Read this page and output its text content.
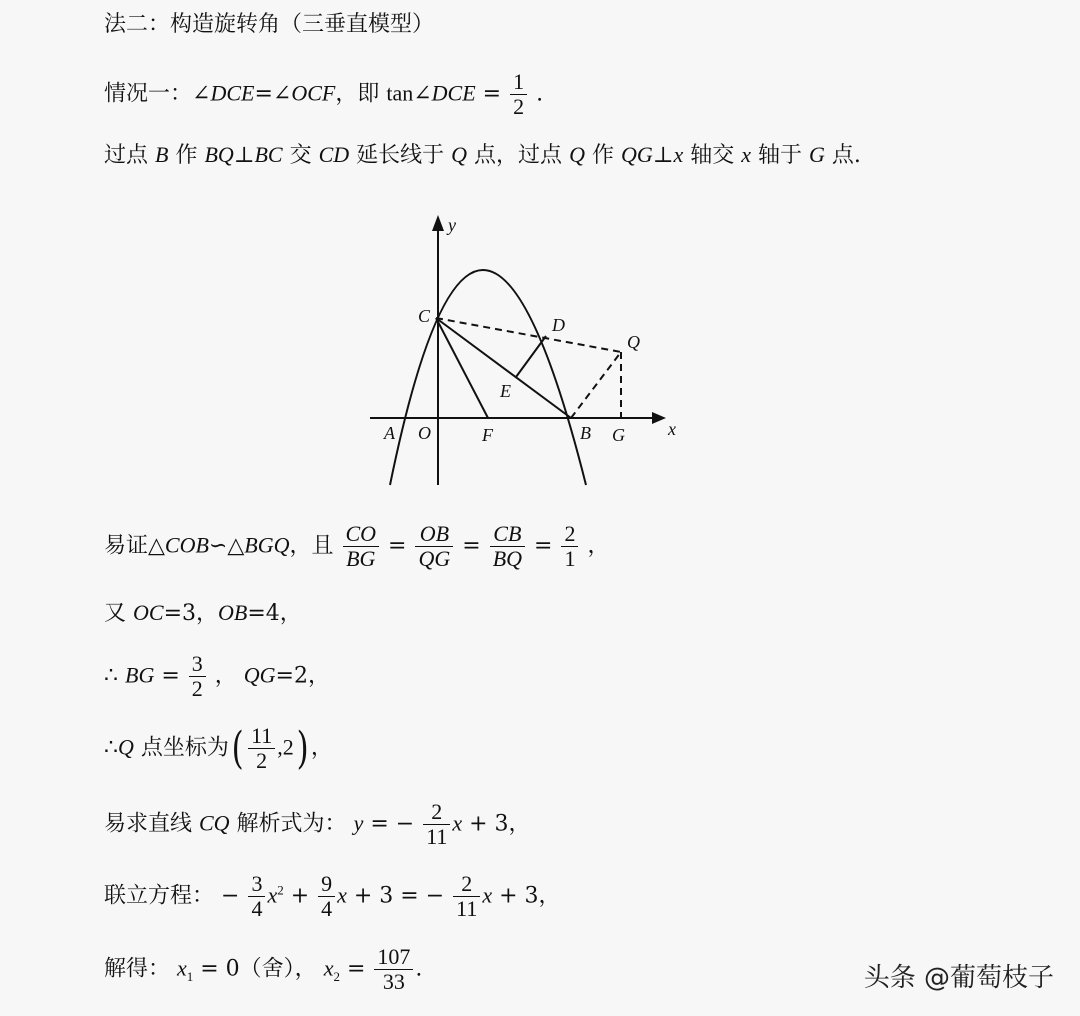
法二：构造旋转角（三垂直模型）
情况一：∠DCE=∠OCF，即 tan∠DCE = $\frac{1}{2}$ .
过点 B 作 BQ⊥BC 交 CD 延长线于 Q 点，过点 Q 作 QG⊥x 轴交 x 轴于 G 点.
y
x
C	D
Q
E
A O	F	B G
易证△COB∽△BGQ，且 $\frac{CO}{BG} = \frac{OB}{QG} = \frac{CB}{BQ} = \frac{2}{1}$ ，
又 OC=3，OB=4，
∴ BG = $\frac{3}{2}$ ， QG=2，
∴Q 点坐标为( $\frac{11}{2} ,2$) ，
易求直线 CQ 解析式为： y = − $\frac{2}{11}$ x + 3，
联立方程： − $\frac{3}{4} x^2 + \frac{9}{4}$ x + 3 = − $\frac{2}{11}$ x + 3，
解得： $x_1 = 0$（舍）， $x_2 = \frac{107}{33}$ .	头条 @葡萄枝子
